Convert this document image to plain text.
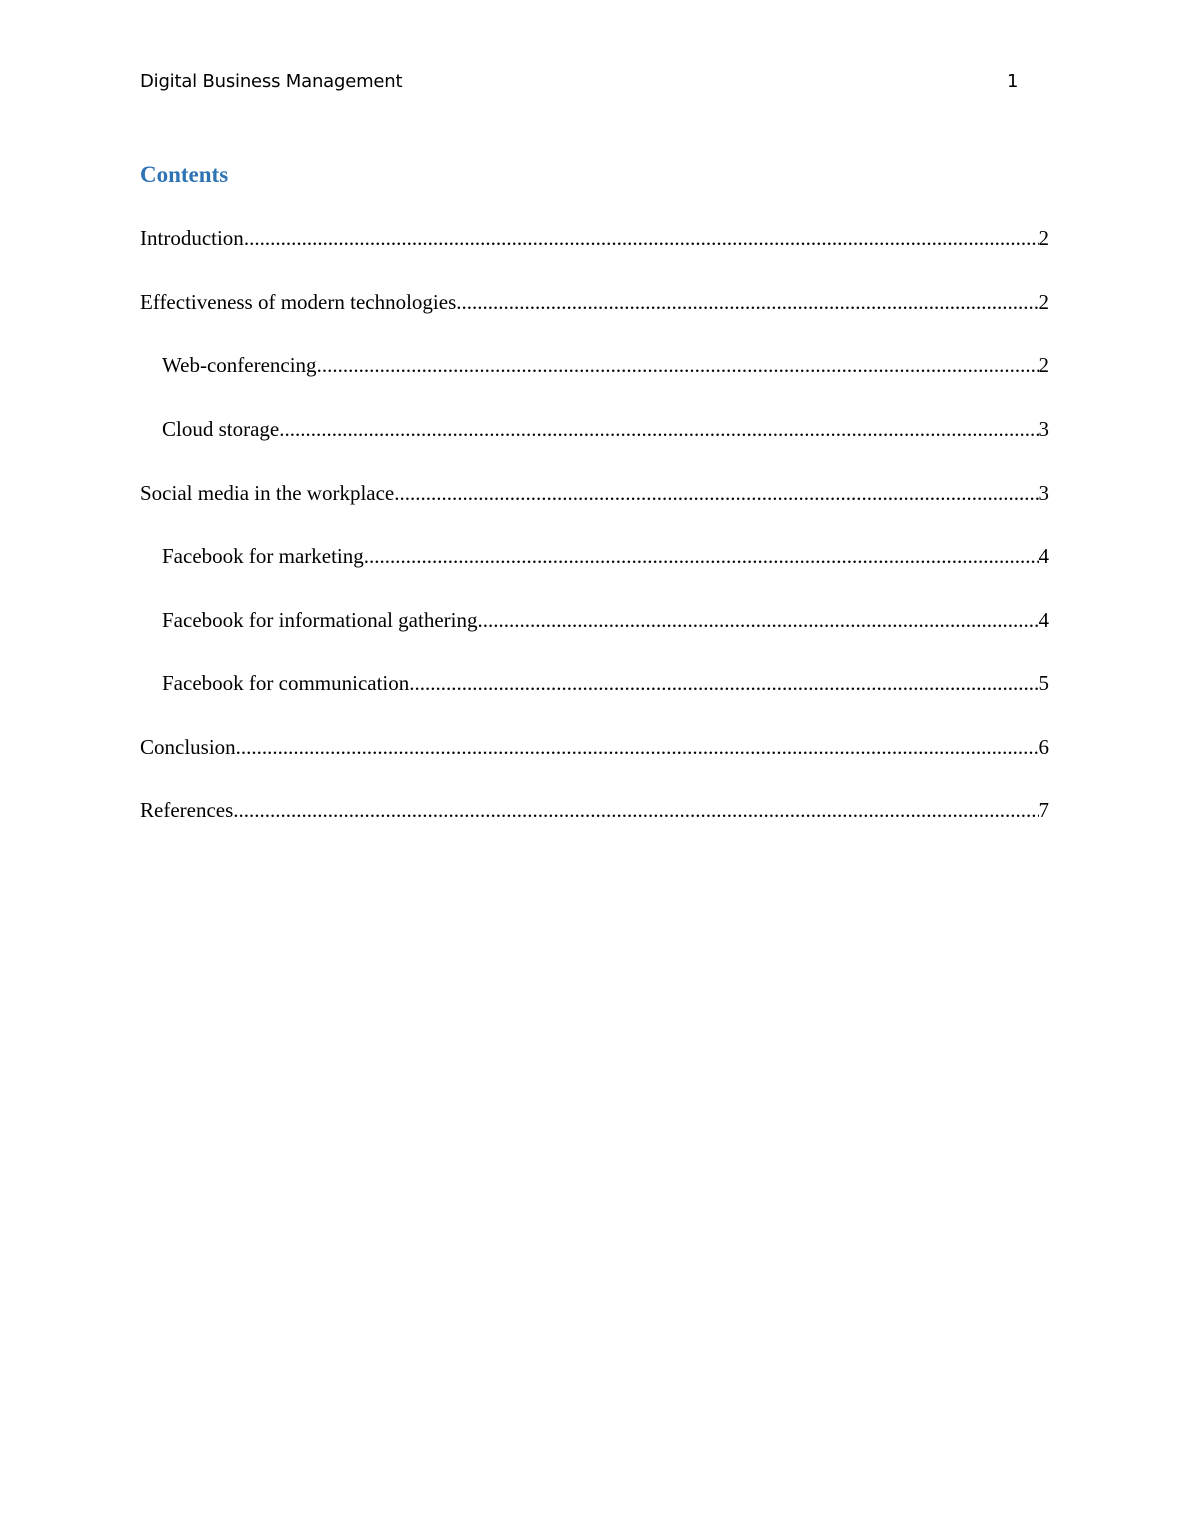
Digital Business Management	1
Contents
Introduction .....	2
Effectiveness of modern technologies .....	2
Web-conferencing .....	2
Cloud storage .....	3
Social media in the workplace .....	3
Facebook for marketing .....	4
Facebook for informational gathering .....	4
Facebook for communication .....	5
Conclusion .....	6
References .....	7
